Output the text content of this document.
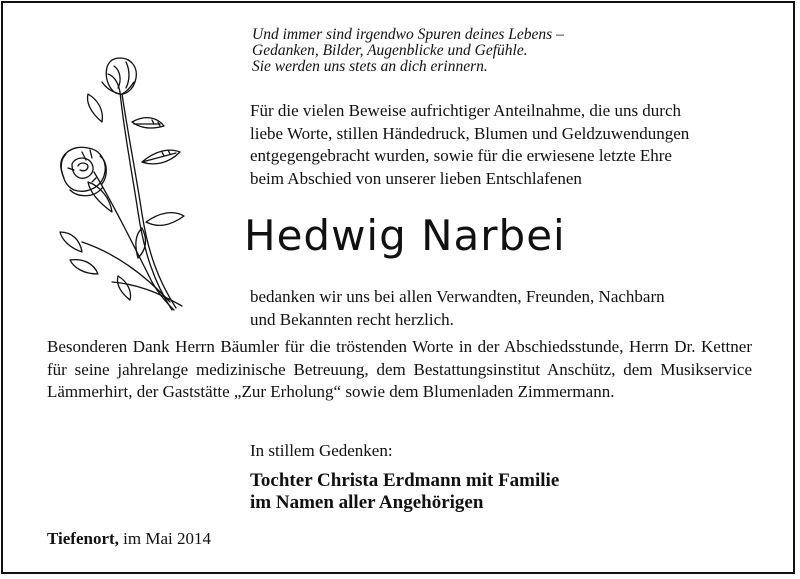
Und immer sind irgendwo Spuren deines Lebens –
Gedanken, Bilder, Augenblicke und Gefühle.
Sie werden uns stets an dich erinnern.
Für die vielen Beweise aufrichtiger Anteilnahme, die uns durch
liebe Worte, stillen Händedruck, Blumen und Geldzuwendungen
entgegengebracht wurden, sowie für die erwiesene letzte Ehre
beim Abschied von unserer lieben Entschlafenen
Hedwig Narbei
bedanken wir uns bei allen Verwandten, Freunden, Nachbarn
und Bekannten recht herzlich.
Besonderen Dank Herrn Bäumler für die tröstenden Worte in der Abschiedsstunde, Herrn Dr. Kettner für seine jahrelange medizinische Betreuung, dem Bestattungsinstitut Anschütz, dem Musikservice Lämmerhirt, der Gaststätte „Zur Erholung“ sowie dem Blumenladen Zimmermann.
In stillem Gedenken:
Tochter Christa Erdmann mit Familie
im Namen aller Angehörigen
Tiefenort, im Mai 2014
